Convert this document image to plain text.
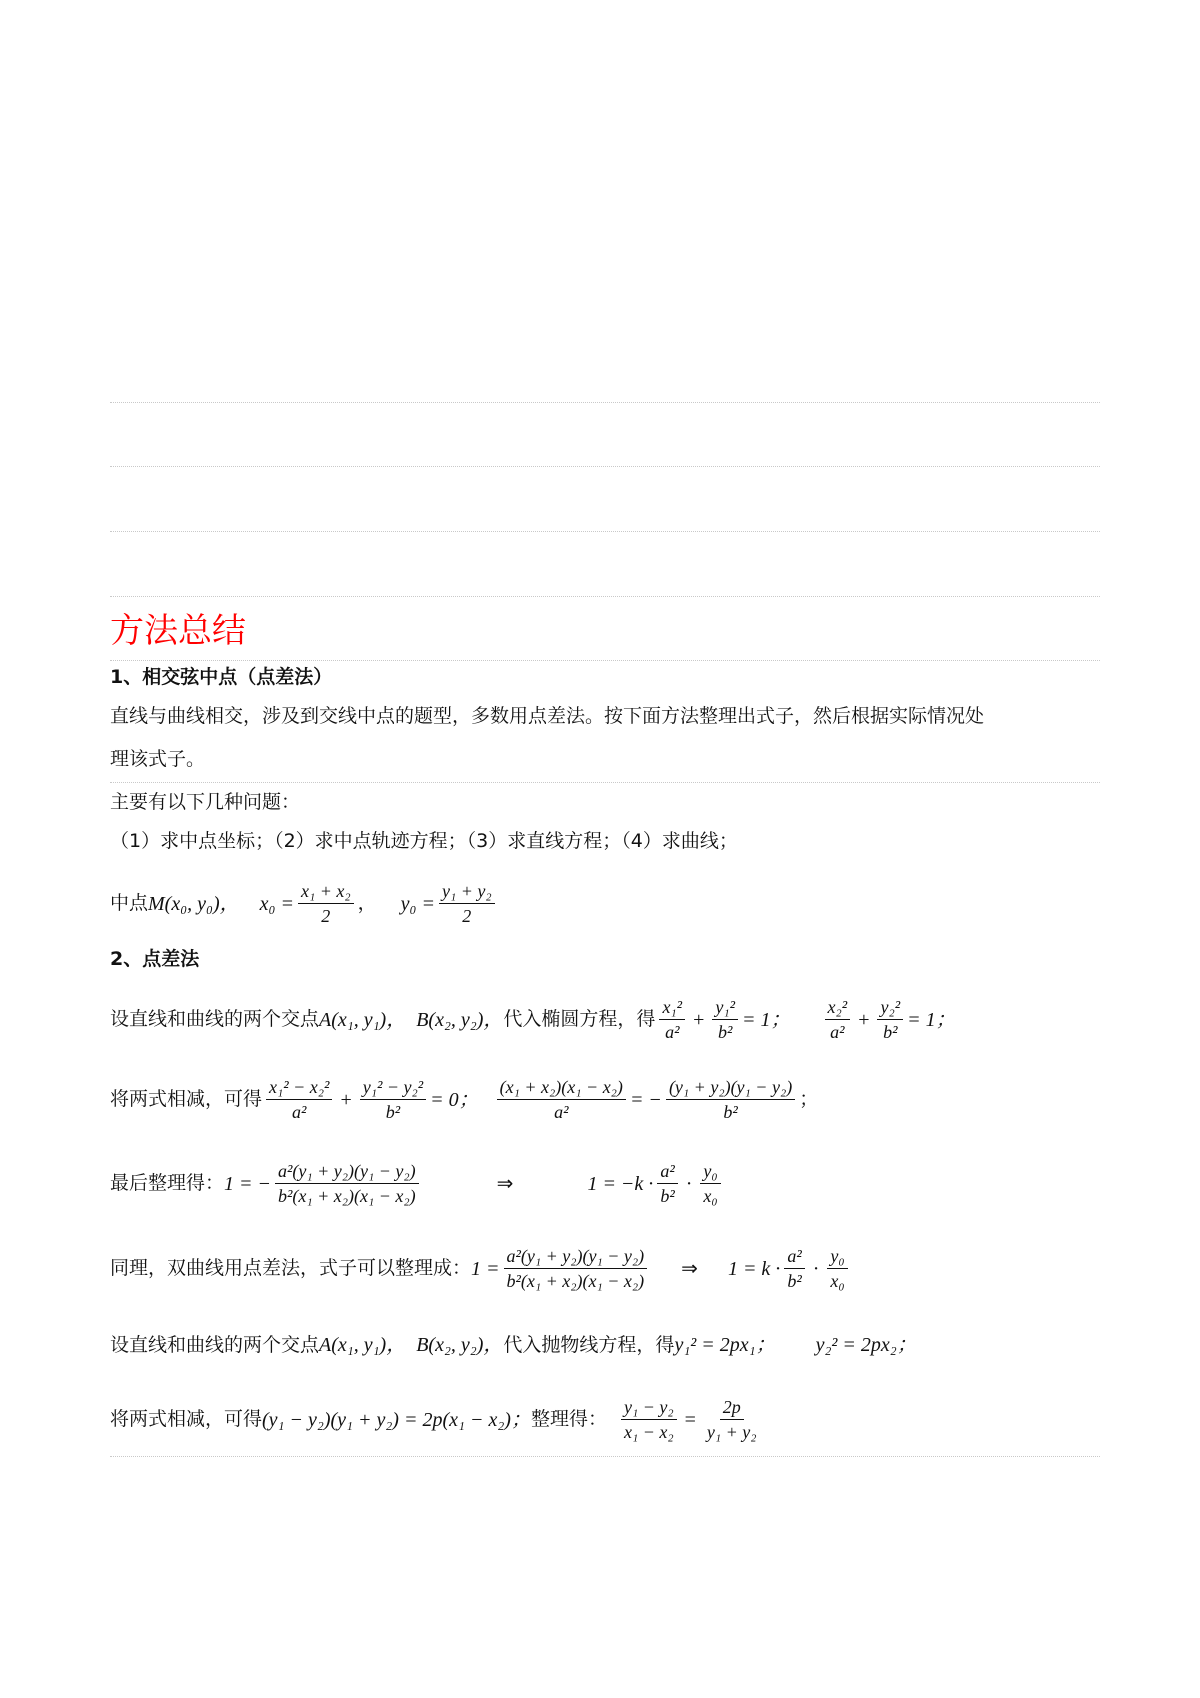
方法总结
1、相交弦中点（点差法）
直线与曲线相交，涉及到交线中点的题型，多数用点差法。按下面方法整理出式子，然后根据实际情况处
理该式子。
主要有以下几种问题：
（1）求中点坐标；（2）求中点轨迹方程；（3）求直线方程；（4）求曲线；
中点 M(x₀, y₀)， $x_0 = \frac{\text{x₁ + x₂}}{2}$ ， $y_0 = \frac{\text{y₁ + y₂}}{2}$
2、点差法
设直线和曲线的两个交点 A(x₁, y₁)， B(x₂, y₂)， 代入椭圆方程，得 $\frac{\text{x₁²}}{\text{a²}} + \frac{\text{y₁²}}{\text{b²}} = 1$； $\frac{\text{x₂²}}{\text{a²}} + \frac{\text{y₂²}}{\text{b²}} = 1$；
将两式相减，可得 $\frac{\text{x₁² − x₂²}}{\text{a²}} + \frac{\text{y₁² − y₂²}}{\text{b²}} = 0$； $\frac{\text{(x₁ + x₂)(x₁ − x₂)}}{\text{a²}}$ = − $\frac{\text{(y₁ + y₂)(y₁ − y₂)}}{\text{b²}}$ ；
最后整理得： 1 = − $\frac{\text{a²(y₁ + y₂)(y₁ − y₂)}}{\text{b²(x₁ + x₂)(x₁ − x₂)}}$	⇒	$1 = -k \cdot \frac{\text{a²}}{\text{b²}} \cdot \frac{\text{y₀}}{\text{x₀}}$
同理，双曲线用点差法，式子可以整理成： $1 = \frac{\text{a²(y₁ + y₂)(y₁ − y₂)}}{\text{b²(x₁ + x₂)(x₁ − x₂)}}$ ⇒ $1 = k \cdot \frac{\text{a²}}{\text{b²}} \cdot \frac{\text{y₀}}{\text{x₀}}$
设直线和曲线的两个交点 A(x₁, y₁)， B(x₂, y₂)， 代入抛物线方程，得 y₁² = 2px₁； y₂² = 2px₂；
将两式相减，可得 (y₁ − y₂)(y₁ + y₂) = 2p(x₁ − x₂)； 整理得： $\frac{\text{y₁ − y₂}}{\text{x₁ − x₂}} = \frac{2p}{\text{y₁ + y₂}}$
